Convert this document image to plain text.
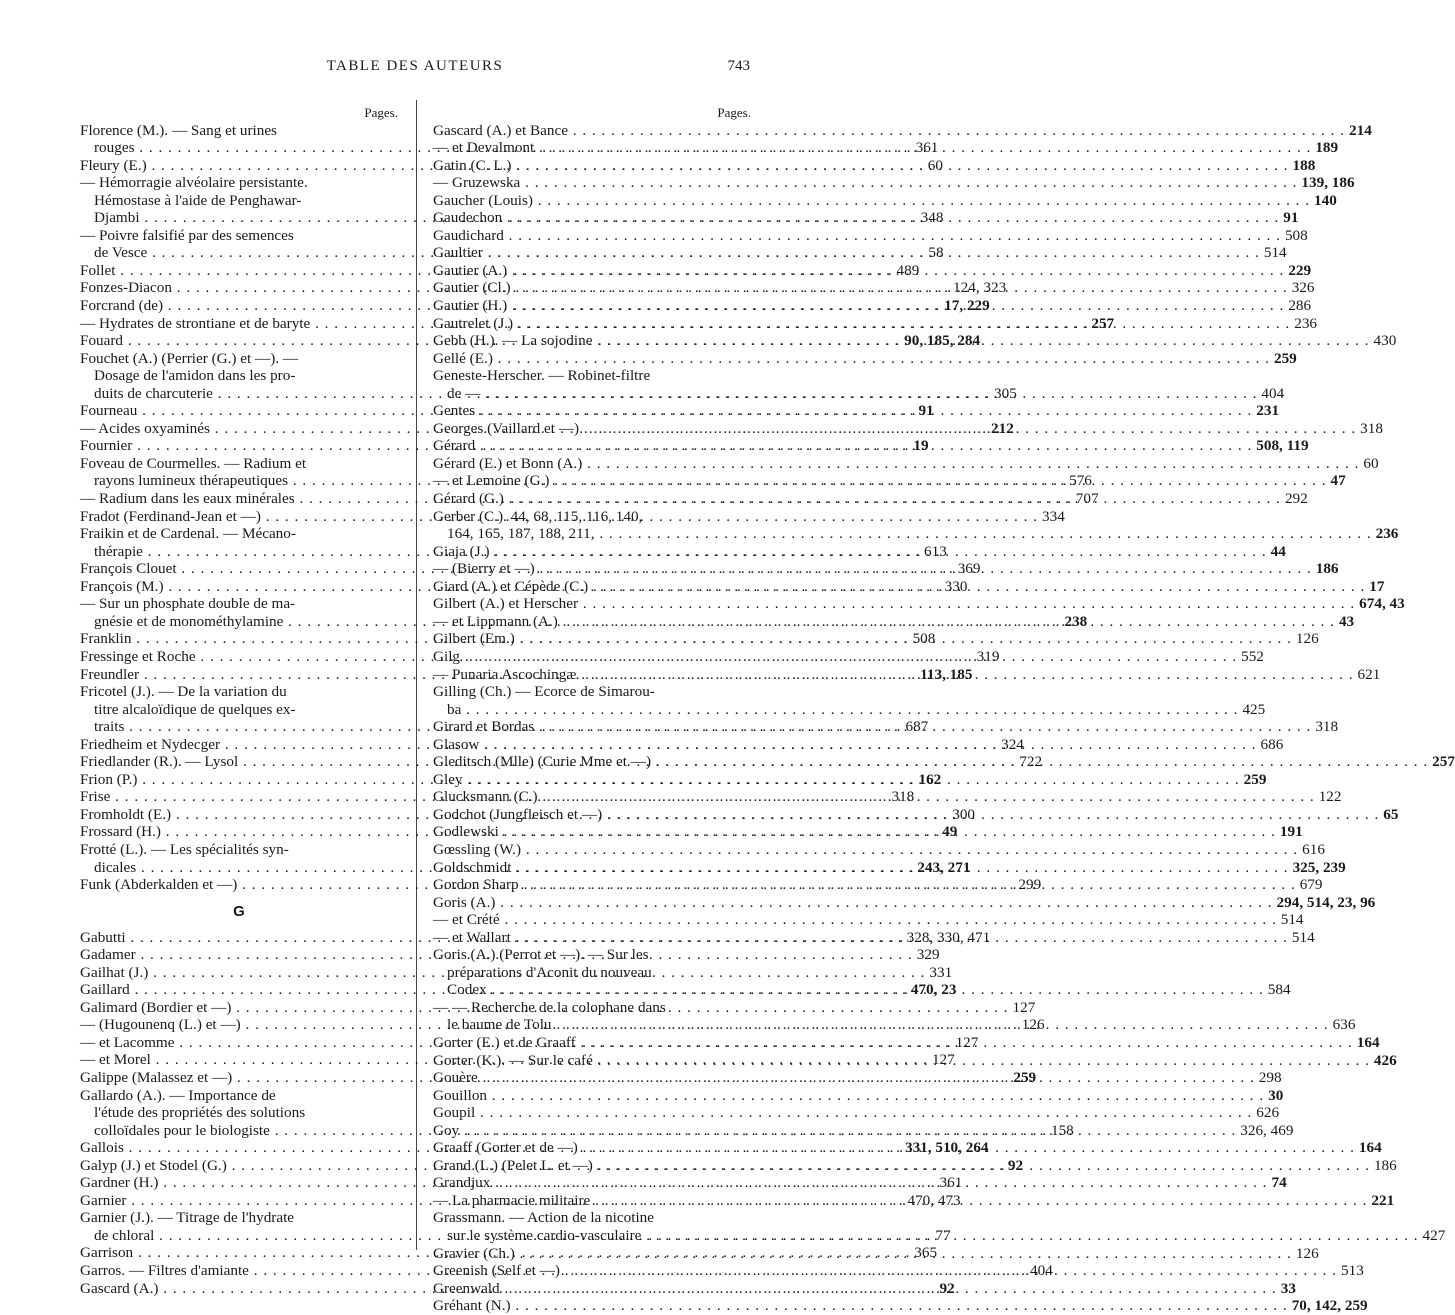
TABLE DES AUTEURS	743
Pages.
Florence (M.). — Sang et urines
rouges . . .	361
Fleury (E.) . . .	60
— Hémorragie alvéolaire persistante.
Hémostase à l'aide de Penghawar-
Djambi . . .	348
— Poivre falsifié par des semences
de Vesce . . .	58
Follet . . .	489
Fonzes-Diacon . . .	124, 323
Forcrand (de) . . .	17, 229
— Hydrates de strontiane et de baryte . . .	257
Fouard . . .	90, 185, 284
Fouchet (A.) (Perrier (G.) et —). —
Dosage de l'amidon dans les pro-
duits de charcuterie . . .	305
Fourneau . . .	91
— Acides oxyaminés . . .	212
Fournier . . .	19
Foveau de Courmelles. — Radium et
rayons lumineux thérapeutiques . . .	576
— Radium dans les eaux minérales . . .	707
Fradot (Ferdinand-Jean et —) . . .	334
Fraikin et de Cardenal. — Mécano-
thérapie . . .	613
François Clouet . . .	369
François (M.) . . .	330
— Sur un phosphate double de ma-
gnésie et de monométhylamine . . .	238
Franklin . . .	508
Fressinge et Roche . . .	319
Freundler . . .	113, 185
Fricotel (J.). — De la variation du
titre alcaloïdique de quelques ex-
traits . . .	687
Friedheim et Nydecger . . .	324
Friedlander (R.). — Lysol . . .	722
Frion (P.) . . .	162
Frise . . .	318
Fromholdt (E.) . . .	300
Frossard (H.) . . .	49
Frotté (L.). — Les spécialités syn-
dicales . . .	243, 271
Funk (Abderkalden et —) . . .	299
G
Gabutti . . .	328, 330, 471
Gadamer . . .	329
Gailhat (J.) . . .	331
Gaillard . . .	470, 23
Galimard (Bordier et —) . . .	127
— (Hugounenq (L.) et —) . . .	126
— et Lacomme . . .	127
— et Morel . . .	127
Galippe (Malassez et —) . . .	259
Gallardo (A.). — Importance de
l'étude des propriétés des solutions
colloïdales pour le biologiste . . .	158
Gallois . . .	331, 510, 264
Galyp (J.) et Stodel (G.) . . .	92
Gardner (H.) . . .	361
Garnier . . .	470, 473
Garnier (J.). — Titrage de l'hydrate
de chloral . . .	77
Garrison . . .	365
Garros. — Filtres d'amiante . . .	404
Gascard (A.) . . .	92
Pages.
Gascard (A.) et Bance . . .	214
— et Devalmont . . .	189
Gatin (C. L.) . . .	188
— Gruzewska . . .	139, 186
Gaucher (Louis) . . .	140
Gaudechon . . .	91
Gaudichard . . .	508
Gaultier . . .	514
Gautier (A.) . . .	229
Gautier (Cl.) . . .	326
Gautier (H.) . . .	286
Gautrelet (J.) . . .	236
Gebb (H.). — La sojodine . . .	430
Gellé (E.) . . .	259
Geneste-Herscher. — Robinet-filtre
de — . . .	404
Gentes . . .	231
Georges (Vaillard et —) . . .	318
Gérard . . .	508, 119
Gérard (E.) et Bonn (A.) . . .	60
— et Lemoine (G.) . . .	47
Gérard (G.) . . .	292
Gerber (C.). 44, 68, 115, 116, 140,
164, 165, 187, 188, 211, . . .	236
Giaja (J.) . . .	44
— (Bierry et —) . . .	186
Giard (A.) et Cépède (C.) . . .	17
Gilbert (A.) et Herscher . . .	674, 43
— et Lippmann (A.) . . .	43
Gilbert (Em.) . . .	126
Gilg . . .	552
— Punaria Ascochingæ . . .	621
Gilling (Ch.) — Ecorce de Simarou-
ba . . .	425
Girard et Bordas . . .	318
Glasow . . .	686
Gleditsch (Mlle) (Curie Mme et —) . . .	257
Gley . . .	259
Glucksmann (C.) . . .	122
Godchot (Jungfleisch et —) . . .	65
Godlewski . . .	191
Gœssling (W.) . . .	616
Goldschmidt . . .	325, 239
Gordon Sharp . . .	679
Goris (A.) . . .	294, 514, 23, 96
— et Crété . . .	514
— et Wallart . . .	514
Goris (A.) (Perrot et —). — Sur les
préparations d'Aconit du nouveau
Codex . . .	584
— — Recherche de la colophane dans
le baume de Tolu . . .	636
Gorter (E.) et de Graaff . . .	164
Gorter (K.). — Sur le café . . .	426
Gouère . . .	298
Gouillon . . .	30
Goupil . . .	626
Goy . . .	326, 469
Graaff (Gorter et de —) . . .	164
Grand (L.) (Pelet L. et —) . . .	186
Grandjux . . .	74
— La pharmacie militaire . . .	221
Grassmann. — Action de la nicotine
sur le système cardio-vasculaire . . .	427
Gravier (Ch.) . . .	126
Greenish (Self et —) . . .	513
Greenwald . . .	33
Gréhant (N.) . . .	70, 142, 259
